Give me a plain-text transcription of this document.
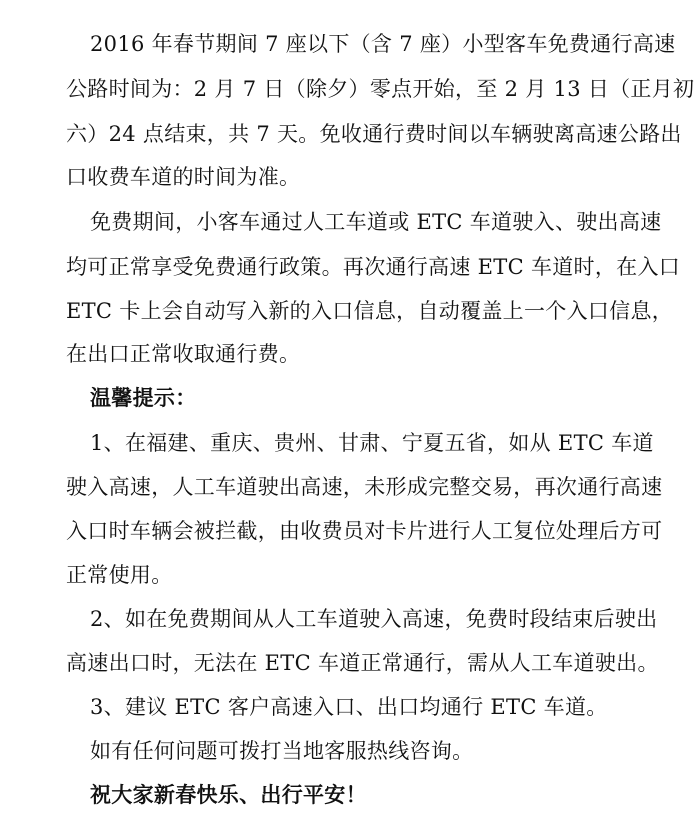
2016 年春节期间 7 座以下（含 7 座）小型客车免费通行高速
公路时间为：2 月 7 日（除夕）零点开始，至 2 月 13 日（正月初
六）24 点结束，共 7 天。免收通行费时间以车辆驶离高速公路出
口收费车道的时间为准。
免费期间，小客车通过人工车道或 ETC 车道驶入、驶出高速
均可正常享受免费通行政策。再次通行高速 ETC 车道时，在入口
ETC 卡上会自动写入新的入口信息，自动覆盖上一个入口信息，
在出口正常收取通行费。
温馨提示：
1、在福建、重庆、贵州、甘肃、宁夏五省，如从 ETC 车道
驶入高速，人工车道驶出高速，未形成完整交易，再次通行高速
入口时车辆会被拦截，由收费员对卡片进行人工复位处理后方可
正常使用。
2、如在免费期间从人工车道驶入高速，免费时段结束后驶出
高速出口时，无法在 ETC 车道正常通行，需从人工车道驶出。
3、建议 ETC 客户高速入口、出口均通行 ETC 车道。
如有任何问题可拨打当地客服热线咨询。
祝大家新春快乐、出行平安！
